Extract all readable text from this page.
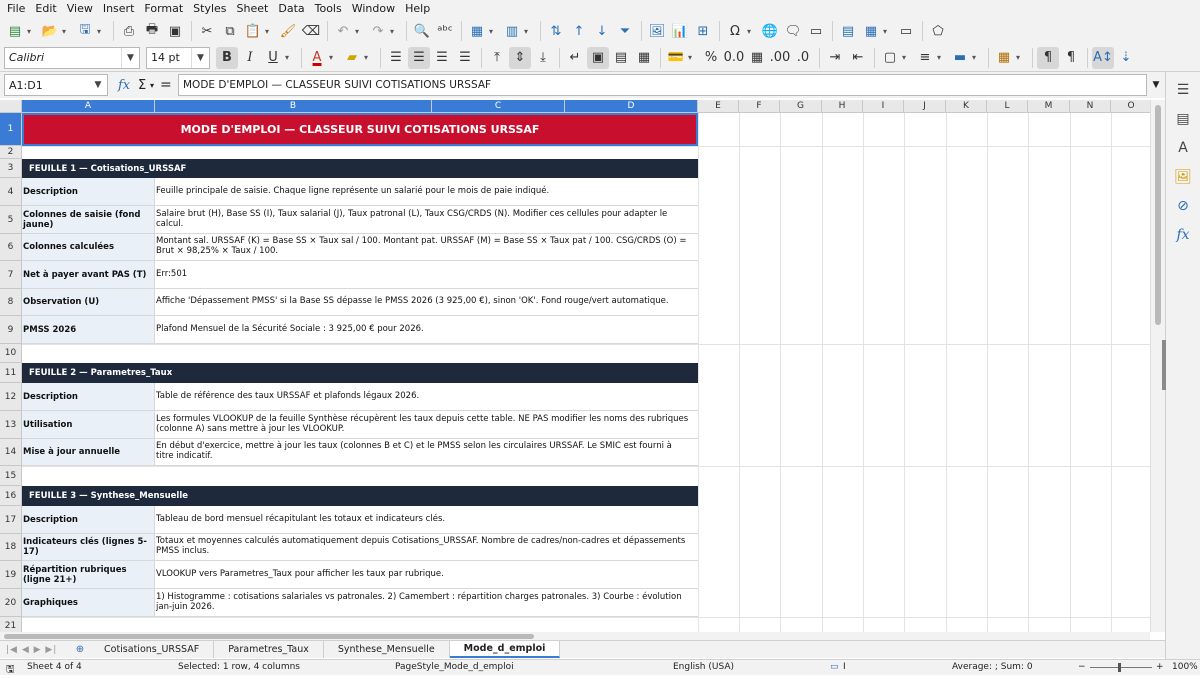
File Edit View Insert Format Styles Sheet Data Tools Window Help
▤ ▾ 📂 ▾	🖫 ▾	⎙ 🖶 ▣	✂ ⧉ 📋 ▾ 🖌 ⌫	↶ ▾	↷ ▾	🔍 ᵃᵇᶜ	▦ ▾ ▥ ▾	⇅ ↑ ↓ ⏷	🖼 📊 ⊞	Ω ▾ 🌐 🗨 ▭	▤ ▦ ▾ ▭	⬠
Calibri	▼	14 pt	▼	B	I	U ▾	A ▾	▰ ▾	☰ ☰ ☰ ☰	⤒	⇕	⤓	↵ ▣ ▤ ▦	💳 ▾ % 0.0 ▦ .00 .0	⇥ ⇤	▢ ▾	≡ ▾ ▬ ▾	▦ ▾	¶	¶	A↕ ⇣
A1:D1	▼	fx Σ ▾ = MODE D'EMPLOI — CLASSEUR SUIVI COTISATIONS URSSAF	▼	☰
▤
A
🖼
⊘
fx
A	B	C	D	E	F	G	H	I	J	K	L	M	N	O
1
2
3
4
5
6
7
8
9
10
11
12
13
14
15
16
17
18
19
20
21
MODE D'EMPLOI — CLASSEUR SUIVI COTISATIONS URSSAF
FEUILLE 1 — Cotisations_URSSAF
Description	Feuille principale de saisie. Chaque ligne représente un salarié pour le mois de paie indiqué.
Colonnes de saisie (fond jaune)
Salaire brut (H), Base SS (I), Taux salarial (J), Taux patronal (L), Taux CSG/CRDS (N). Modifier ces cellules pour adapter le calcul.
Colonnes calculées
Montant sal. URSSAF (K) = Base SS × Taux sal / 100. Montant pat. URSSAF (M) = Base SS × Taux pat / 100. CSG/CRDS (O) = Brut × 98,25% × Taux / 100.
Net à payer avant PAS (T)	Err:501
Observation (U)	Affiche 'Dépassement PMSS' si la Base SS dépasse le PMSS 2026 (3 925,00 €), sinon 'OK'. Fond rouge/vert automatique.
PMSS 2026	Plafond Mensuel de la Sécurité Sociale : 3 925,00 € pour 2026.
FEUILLE 2 — Parametres_Taux
Description	Table de référence des taux URSSAF et plafonds légaux 2026.
Utilisation
Les formules VLOOKUP de la feuille Synthèse récupèrent les taux depuis cette table. NE PAS modifier les noms des rubriques (colonne A) sans mettre à jour les VLOOKUP.
Mise à jour annuelle
En début d'exercice, mettre à jour les taux (colonnes B et C) et le PMSS selon les circulaires URSSAF. Le SMIC est fourni à titre indicatif.
FEUILLE 3 — Synthese_Mensuelle
Description	Tableau de bord mensuel récapitulant les totaux et indicateurs clés.
Indicateurs clés (lignes 5-17)
Totaux et moyennes calculés automatiquement depuis Cotisations_URSSAF. Nombre de cadres/non-cadres et dépassements PMSS inclus.
Répartition rubriques (ligne 21+)
VLOOKUP vers Parametres_Taux pour afficher les taux par rubrique.
Graphiques
1) Histogramme : cotisations salariales vs patronales. 2) Camembert : répartition charges patronales. 3) Courbe : évolution jan-juin 2026.
|◀ ◀ ▶ ▶|	⊕	Cotisations_URSSAF	Parametres_Taux	Synthese_Mensuelle	Mode_d_emploi
🖫 Sheet 4 of 4	Selected: 1 row, 4 columns	PageStyle_Mode_d_emploi	English (USA)	▭ I	Average: ; Sum: 0	−	+ 100%
